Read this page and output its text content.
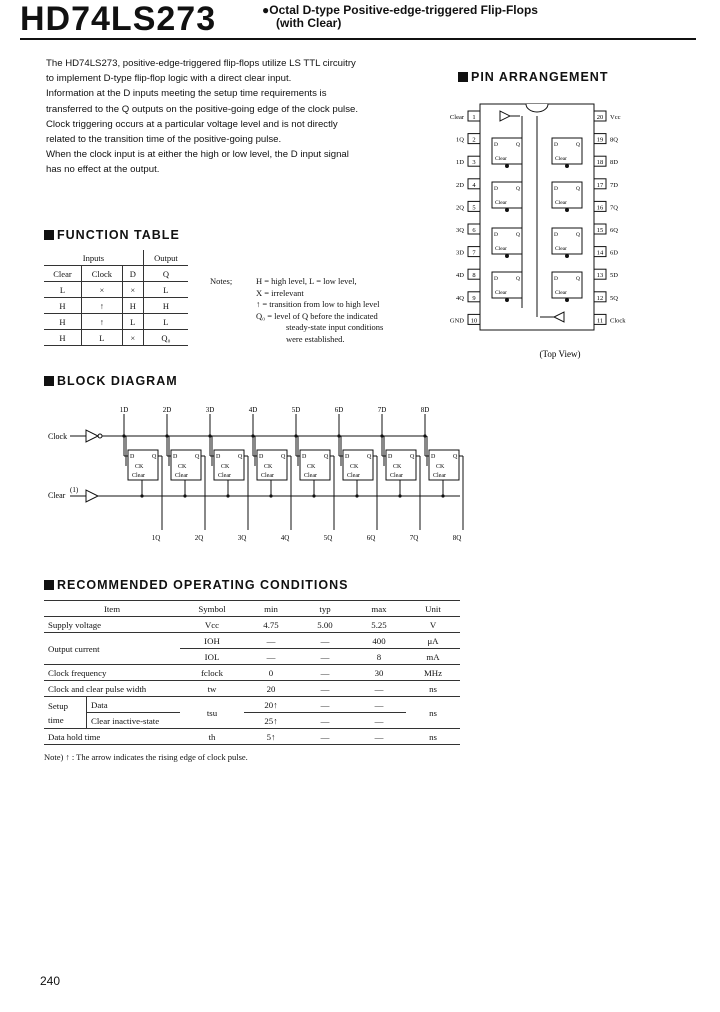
HD74LS273	●Octal D-type Positive-edge-triggered Flip-Flops
(with Clear)

The HD74LS273, positive-edge-triggered flip-flops utilize LS TTL circuitry to implement D-type flip-flop logic with a direct clear input.

Information at the D inputs meeting the setup time requirements is transferred to the Q outputs on the positive-going edge of the clock pulse.

Clock triggering occurs at a particular voltage level and is not directly related to the transition time of the positive-going pulse.

When the clock input is at either the high or low level, the D input signal has no effect at the output.

FUNCTION TABLE
Inputs			Output
Clear	Clock	D	Q
L	×	×	L
H	↑	H	H
H	↑	L	L
H	L	×	Q₀
Notes;	H = high level, L = low level,
X = irrelevant
↑ = transition from low to high level
Q₀ = level of Q before the indicated
steady-state input conditions
were established.
PIN ARRANGEMENT
1
Clear
2
1Q
3
1D
4
2D
5
2Q
6
3Q
7
3D
8
4D
9
4Q
10
GND
20 Vcc
19 8Q
18 8D
17 7D
16 7Q
15 6Q
14 6D
13 5D
12 5Q
11 Clock
D	Q
Clear
D	Q
Clear
D	Q
Clear
D	Q
Clear
D	Q
Clear
D	Q
Clear
D	Q
Clear
D	Q
Clear
(Top View)
BLOCK DIAGRAM
Clock
Clear
(1)
1D
D	Q
CK
Clear
1Q
2D
D	Q
CK
Clear
2Q
3D
D	Q
CK
Clear
3Q
4D
D	Q
CK
Clear
4Q
5D
D	Q
CK
Clear
5Q
6D
D	Q
CK
Clear
6Q
7D
D	Q
CK
Clear
7Q
8D
D	Q
CK
Clear
8Q
RECOMMENDED OPERATING CONDITIONS
Item		Symbol	min	typ	max	Unit
Supply voltage		Vcc	4.75	5.00	5.25	V
Output current		IOH	—	—	400	μA
		IOL	—	—	8	mA
Clock frequency		fclock	0	—	30	MHz
Clock and clear pulse width		tw	20	—	—	ns

Setup
time	Data	tsu	20↑	—	—	ns
	Clear inactive-state		25↑	—	—	
Data hold time		th	5↑	—	—	ns
Note) ↑ : The arrow indicates the rising edge of clock pulse.
240
